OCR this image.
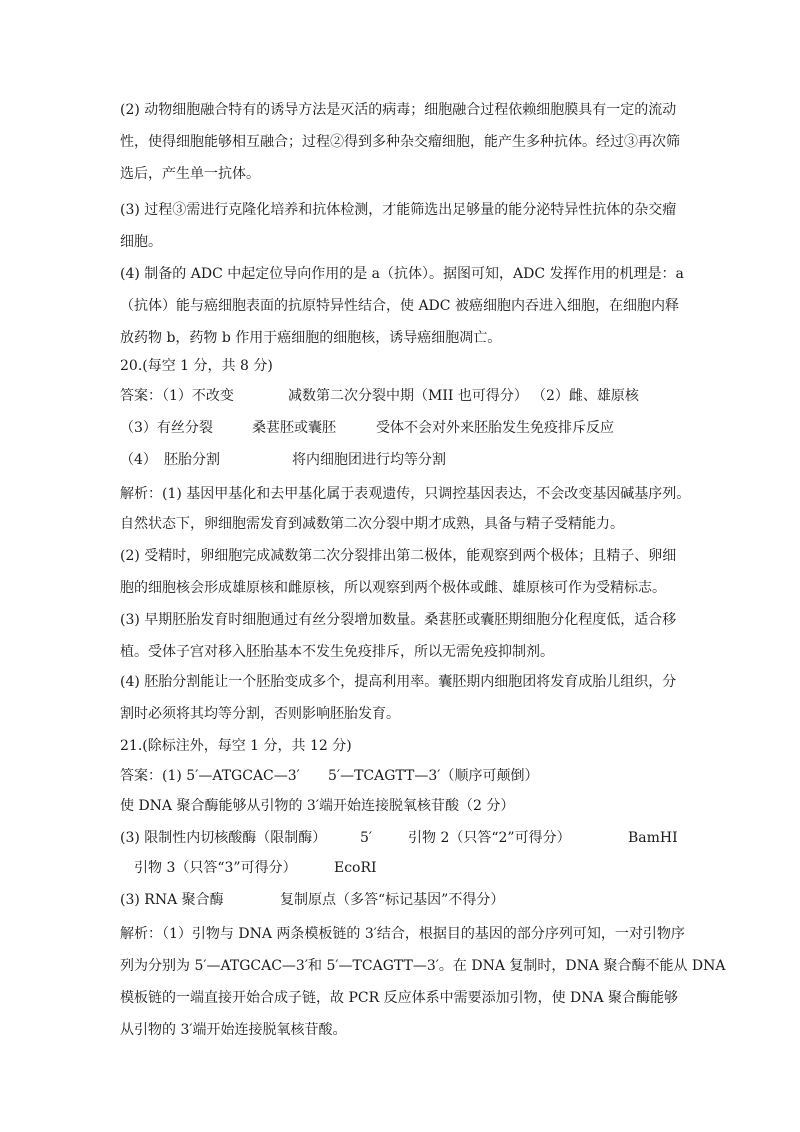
(2) 动物细胞融合特有的诱导方法是灭活的病毒；细胞融合过程依赖细胞膜具有一定的流动
性，使得细胞能够相互融合；过程②得到多种杂交瘤细胞，能产生多种抗体。经过③再次筛
选后，产生单一抗体。
(3) 过程③需进行克隆化培养和抗体检测，才能筛选出足够量的能分泌特异性抗体的杂交瘤
细胞。
(4) 制备的 ADC 中起定位导向作用的是 a（抗体）。据图可知，ADC 发挥作用的机理是：a
（抗体）能与癌细胞表面的抗原特异性结合，使 ADC 被癌细胞内吞进入细胞，在细胞内释
放药物 b，药物 b 作用于癌细胞的细胞核，诱导癌细胞凋亡。
20.(每空 1 分，共 8 分)
答案：（1）不改变	减数第二次分裂中期（MII 也可得分） （2）雌、雄原核
（3）有丝分裂	桑葚胚或囊胚	受体不会对外来胚胎发生免疫排斥反应
（4） 胚胎分割	将内细胞团进行均等分割
解析：(1) 基因甲基化和去甲基化属于表观遗传，只调控基因表达，不会改变基因碱基序列。
自然状态下，卵细胞需发育到减数第二次分裂中期才成熟，具备与精子受精能力。
(2) 受精时，卵细胞完成减数第二次分裂排出第二极体，能观察到两个极体；且精子、卵细
胞的细胞核会形成雄原核和雌原核，所以观察到两个极体或雌、雄原核可作为受精标志。
(3) 早期胚胎发育时细胞通过有丝分裂增加数量。桑葚胚或囊胚期细胞分化程度低，适合移
植。受体子宫对移入胚胎基本不发生免疫排斥，所以无需免疫抑制剂。
(4) 胚胎分割能让一个胚胎变成多个，提高利用率。囊胚期内细胞团将发育成胎儿组织，分
割时必须将其均等分割，否则影响胚胎发育。
21.(除标注外，每空 1 分，共 12 分)
答案：(1) 5′—ATGCAC—3′ 5′—TCAGTT—3′（顺序可颠倒）
使 DNA 聚合酶能够从引物的 3′端开始连接脱氧核苷酸（2 分）
(3) 限制性内切核酸酶（限制酶） 5′	引物 2（只答“2”可得分）	BamHI
引物 3（只答“3”可得分）	EcoRI
(3) RNA 聚合酶	复制原点（多答“标记基因”不得分）
解析：（1）引物与 DNA 两条模板链的 3′结合，根据目的基因的部分序列可知，一对引物序
列为分别为 5′—ATGCAC—3′和 5′—TCAGTT—3′。在 DNA 复制时，DNA 聚合酶不能从 DNA
模板链的一端直接开始合成子链，故 PCR 反应体系中需要添加引物，使 DNA 聚合酶能够
从引物的 3′端开始连接脱氧核苷酸。
